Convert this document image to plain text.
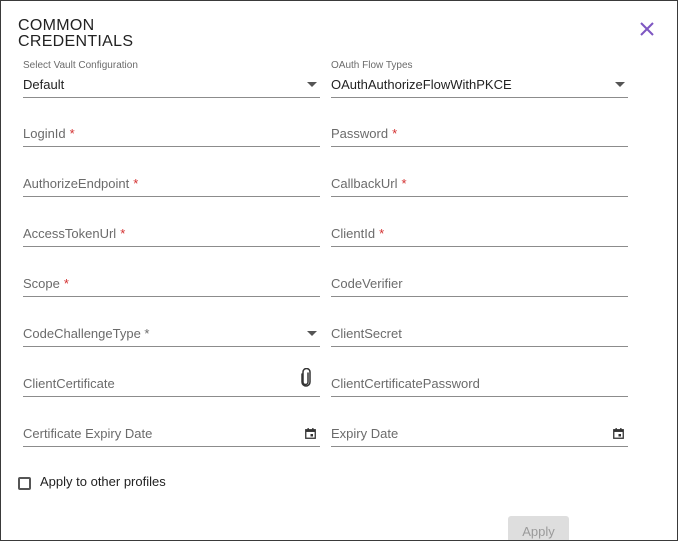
COMMON
CREDENTIALS
Select Vault Configuration
Default
OAuth Flow Types
OAuthAuthorizeFlowWithPKCE
LoginId *	Password *
AuthorizeEndpoint *	CallbackUrl *
AccessTokenUrl *	ClientId *
Scope *	CodeVerifier
CodeChallengeType *	ClientSecret
ClientCertificate	ClientCertificatePassword
Certificate Expiry Date	Expiry Date
Apply to other profiles
Apply
